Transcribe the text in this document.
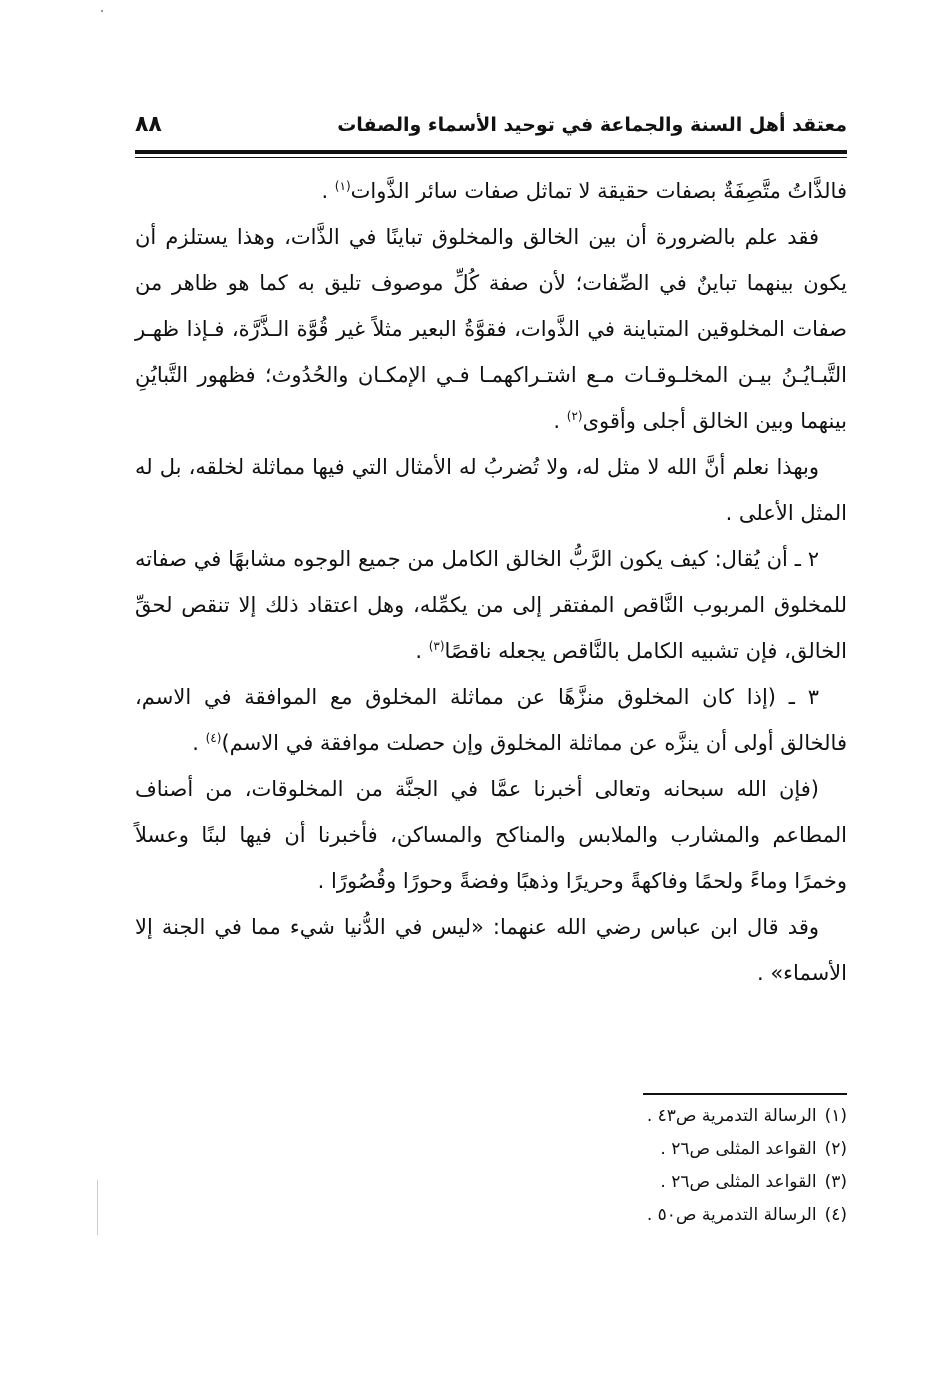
معتقد أهل السنة والجماعة في توحيد الأسماء والصفات
٨٨

فالذَّاتُ متَّصِفَةٌ بصفات حقيقة لا تماثل صفات سائر الذَّوات$^{(١)}$ .

فقد علم بالضرورة أن بين الخالق والمخلوق تباينًا في الذَّات، وهذا يستلزم أن يكون بينهما تباينٌ في الصِّفات؛ لأن صفة كُلِّ موصوف تليق به كما هو ظاهر من صفات المخلوقين المتباينة في الذَّوات، فقوَّةُ البعير مثلاً غير قُوَّة الـذَّرَّة، فـإذا ظهـر التَّبـايُـنُ بيـن المخلـوقـات مـع اشتـراكهمـا فـي الإمكـان والحُدُوث؛ فظهور التَّبايُنِ بينهما وبين الخالق أجلى وأقوى$^{(٢)}$ .

وبهذا نعلم أنَّ الله لا مثل له، ولا تُضربُ له الأمثال التي فيها مماثلة لخلقه، بل له المثل الأعلى .

٢ ـ أن يُقال: كيف يكون الرَّبُّ الخالق الكامل من جميع الوجوه مشابهًا في صفاته للمخلوق المربوب النَّاقص المفتقر إلى من يكمِّله، وهل اعتقاد ذلك إلا تنقص لحقِّ الخالق، فإن تشبيه الكامل بالنَّاقص يجعله ناقصًا$^{(٣)}$ .

٣ ـ (إذا كان المخلوق منزَّهًا عن مماثلة المخلوق مع الموافقة في الاسم، فالخالق أولى أن ينزَّه عن مماثلة المخلوق وإن حصلت موافقة في الاسم)$^{(٤)}$ .

(فإن الله سبحانه وتعالى أخبرنا عمَّا في الجنَّة من المخلوقات، من أصناف المطاعم والمشارب والملابس والمناكح والمساكن، فأخبرنا أن فيها لبنًا وعسلاً وخمرًا وماءً ولحمًا وفاكهةً وحريرًا وذهبًا وفضةً وحورًا وقُصُورًا .

وقد قال ابن عباس رضي الله عنهما: «ليس في الدُّنيا شيء مما في الجنة إلا الأسماء» .

(١)الرسالة التدمرية ص٤٣ .

(٢)القواعد المثلى ص٢٦ .

(٣)القواعد المثلى ص٢٦ .

(٤)الرسالة التدمرية ص٥٠ .
